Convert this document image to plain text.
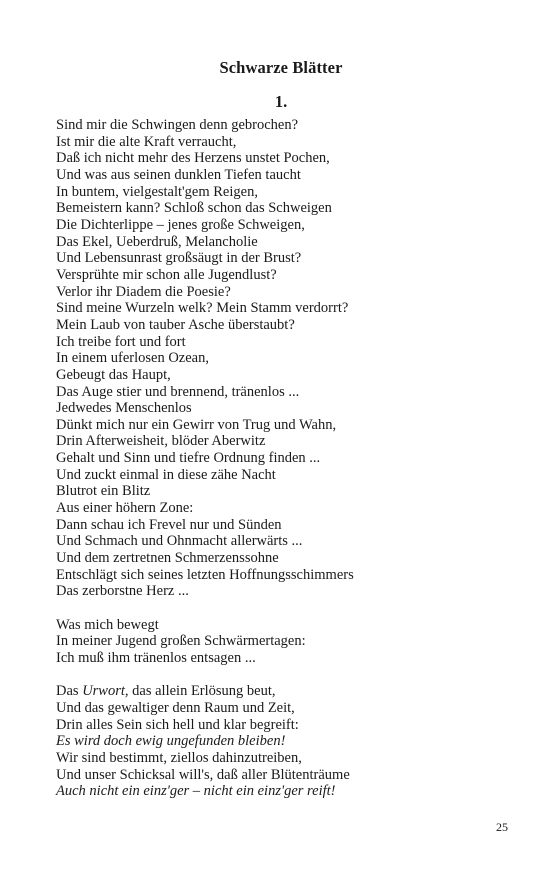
Schwarze Blätter
1.
Sind mir die Schwingen denn gebrochen?
Ist mir die alte Kraft verraucht,
Daß ich nicht mehr des Herzens unstet Pochen,
Und was aus seinen dunklen Tiefen taucht
In buntem, vielgestalt'gem Reigen,
Bemeistern kann? Schloß schon das Schweigen
Die Dichterlippe – jenes große Schweigen,
Das Ekel, Ueberdruß, Melancholie
Und Lebensunrast großsäugt in der Brust?
Versprühte mir schon alle Jugendlust?
Verlor ihr Diadem die Poesie?
Sind meine Wurzeln welk? Mein Stamm verdorrt?
Mein Laub von tauber Asche überstaubt?
Ich treibe fort und fort
In einem uferlosen Ozean,
Gebeugt das Haupt,
Das Auge stier und brennend, tränenlos ...
Jedwedes Menschenlos
Dünkt mich nur ein Gewirr von Trug und Wahn,
Drin Afterweisheit, blöder Aberwitz
Gehalt und Sinn und tiefre Ordnung finden ...
Und zuckt einmal in diese zähe Nacht
Blutrot ein Blitz
Aus einer höhern Zone:
Dann schau ich Frevel nur und Sünden
Und Schmach und Ohnmacht allerwärts ...
Und dem zertretnen Schmerzenssohne
Entschlägt sich seines letzten Hoffnungsschimmers
Das zerborstne Herz ...
Was mich bewegt
In meiner Jugend großen Schwärmertagen:
Ich muß ihm tränenlos entsagen ...
Das Urwort, das allein Erlösung beut,
Und das gewaltiger denn Raum und Zeit,
Drin alles Sein sich hell und klar begreift:
Es wird doch ewig ungefunden bleiben!
Wir sind bestimmt, ziellos dahinzutreiben,
Und unser Schicksal will's, daß aller Blütenträume
Auch nicht ein einz'ger – nicht ein einz'ger reift!
25
